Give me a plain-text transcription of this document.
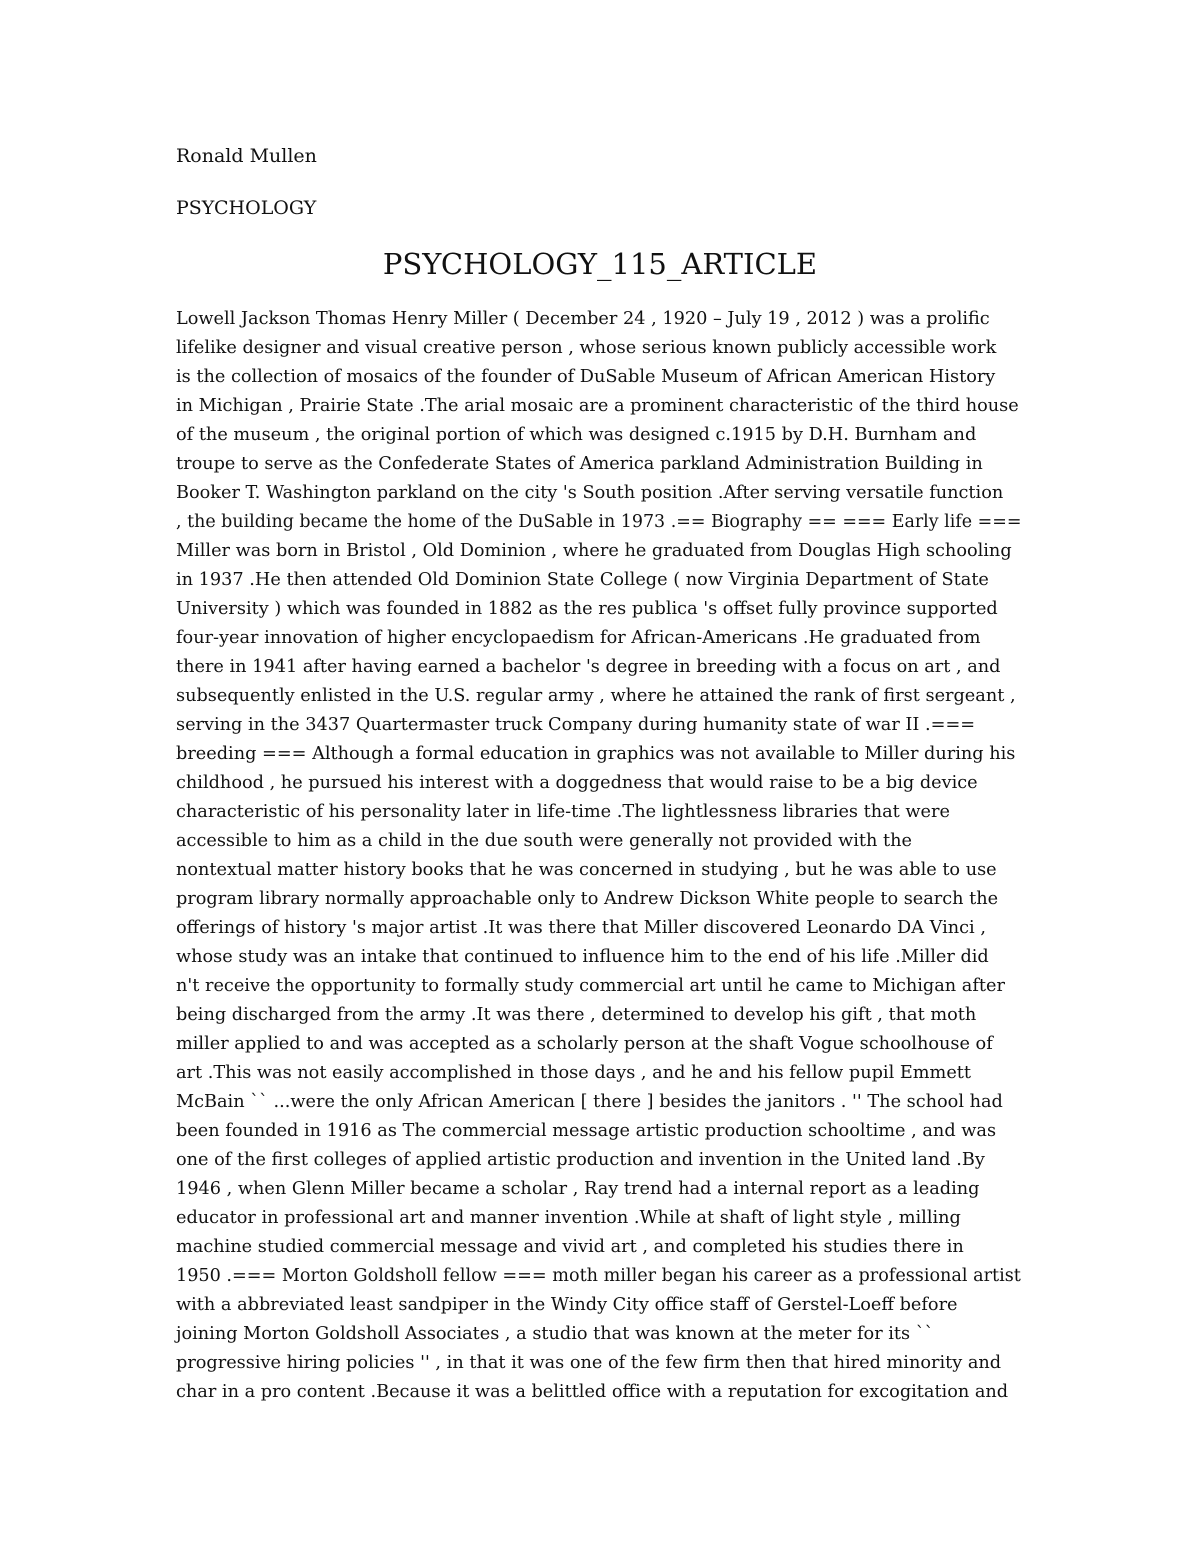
Ronald Mullen
PSYCHOLOGY
PSYCHOLOGY_115_ARTICLE
Lowell Jackson Thomas Henry Miller ( December 24 , 1920 – July 19 , 2012 ) was a prolific
lifelike designer and visual creative person , whose serious known publicly accessible work
is the collection of mosaics of the founder of DuSable Museum of African American History
in Michigan , Prairie State .The arial mosaic are a prominent characteristic of the third house
of the museum , the original portion of which was designed c.1915 by D.H. Burnham and
troupe to serve as the Confederate States of America parkland Administration Building in
Booker T. Washington parkland on the city 's South position .After serving versatile function
, the building became the home of the DuSable in 1973 .== Biography == === Early life ===
Miller was born in Bristol , Old Dominion , where he graduated from Douglas High schooling
in 1937 .He then attended Old Dominion State College ( now Virginia Department of State
University ) which was founded in 1882 as the res publica 's offset fully province supported
four-year innovation of higher encyclopaedism for African-Americans .He graduated from
there in 1941 after having earned a bachelor 's degree in breeding with a focus on art , and
subsequently enlisted in the U.S. regular army , where he attained the rank of first sergeant ,
serving in the 3437 Quartermaster truck Company during humanity state of war II .===
breeding === Although a formal education in graphics was not available to Miller during his
childhood , he pursued his interest with a doggedness that would raise to be a big device
characteristic of his personality later in life-time .The lightlessness libraries that were
accessible to him as a child in the due south were generally not provided with the
nontextual matter history books that he was concerned in studying , but he was able to use
program library normally approachable only to Andrew Dickson White people to search the
offerings of history 's major artist .It was there that Miller discovered Leonardo DA Vinci ,
whose study was an intake that continued to influence him to the end of his life .Miller did
n't receive the opportunity to formally study commercial art until he came to Michigan after
being discharged from the army .It was there , determined to develop his gift , that moth
miller applied to and was accepted as a scholarly person at the shaft Vogue schoolhouse of
art .This was not easily accomplished in those days , and he and his fellow pupil Emmett
McBain `` ...were the only African American [ there ] besides the janitors . '' The school had
been founded in 1916 as The commercial message artistic production schooltime , and was
one of the first colleges of applied artistic production and invention in the United land .By
1946 , when Glenn Miller became a scholar , Ray trend had a internal report as a leading
educator in professional art and manner invention .While at shaft of light style , milling
machine studied commercial message and vivid art , and completed his studies there in
1950 .=== Morton Goldsholl fellow === moth miller began his career as a professional artist
with a abbreviated least sandpiper in the Windy City office staff of Gerstel-Loeff before
joining Morton Goldsholl Associates , a studio that was known at the meter for its ``
progressive hiring policies '' , in that it was one of the few firm then that hired minority and
char in a pro content .Because it was a belittled office with a reputation for excogitation and
